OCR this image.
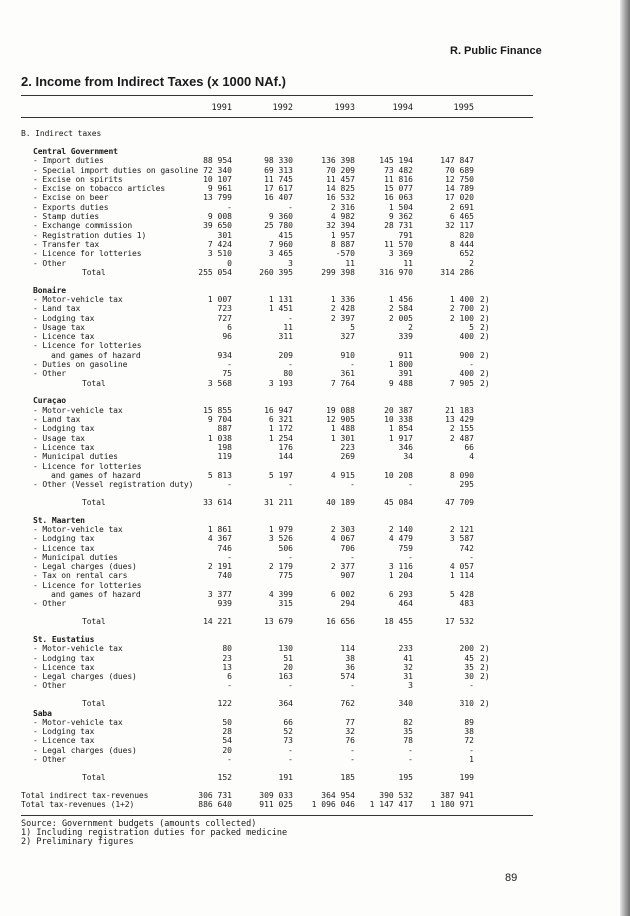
R. Public Finance
2. Income from Indirect Taxes (x 1000 NAf.)
1991	1992	1993	1994	1995
B. Indirect taxes
Central Government
- Import duties	88 954	98 330	136 398	145 194	147 847
- Special import duties on gasoline 72 340	69 313	70 209	73 482	70 689
- Excise on spirits	10 107	11 745	11 457	11 816	12 750
- Excise on tobacco articles	9 961	17 617	14 825	15 077	14 789
- Excise on beer	13 799	16 407	16 532	16 063	17 020
- Exports duties	-	-	2 316	1 504	2 691
- Stamp duties	9 008	9 360	4 982	9 362	6 465
- Exchange commission	39 650	25 780	32 394	28 731	32 117
- Registration duties 1)	301	415	1 957	791	820
- Transfer tax	7 424	7 960	8 887	11 570	8 444
- Licence for lotteries	3 510	3 465	-570	3 369	652
- Other	0	3	11	11	2
Total	255 054	260 395	299 398	316 970	314 286
Bonaire
- Motor-vehicle tax	1 007	1 131	1 336	1 456	1 400 2)
- Land tax	723	1 451	2 428	2 584	2 700 2)
- Lodging tax	727	-	2 397	2 005	2 100 2)
- Usage tax	6	11	5	2	5 2)
- Licence tax	96	311	327	339	400 2)
- Licence for lotteries
and games of hazard	934	209	910	911	900 2)
- Duties on gasoline	-	-	-	1 800	-
- Other	75	80	361	391	400 2)
Total	3 568	3 193	7 764	9 488	7 905 2)
Curaçao
- Motor-vehicle tax	15 855	16 947	19 088	20 387	21 183
- Land tax	9 704	6 321	12 905	10 338	13 429
- Lodging tax	887	1 172	1 488	1 854	2 155
- Usage tax	1 038	1 254	1 301	1 917	2 487
- Licence tax	198	176	223	346	66
- Municipal duties	119	144	269	34	4
- Licence for lotteries
and games of hazard	5 813	5 197	4 915	10 208	8 090
- Other (Vessel registration duty)	-	-	-	-	295
Total	33 614	31 211	40 189	45 084	47 709
St. Maarten
- Motor-vehicle tax	1 861	1 979	2 303	2 140	2 121
- Lodging tax	4 367	3 526	4 067	4 479	3 587
- Licence tax	746	506	706	759	742
- Municipal duties	-	-	-	-	-
- Legal charges (dues)	2 191	2 179	2 377	3 116	4 057
- Tax on rental cars	740	775	907	1 204	1 114
- Licence for lotteries
and games of hazard	3 377	4 399	6 002	6 293	5 428
- Other	939	315	294	464	483
Total	14 221	13 679	16 656	18 455	17 532
St. Eustatius
- Motor-vehicle tax	80	130	114	233	200 2)
- Lodging tax	23	51	38	41	45 2)
- Licence tax	13	20	36	32	35 2)
- Legal charges (dues)	6	163	574	31	30 2)
- Other	-	-	-	3	-
Total	122	364	762	340	310 2)
Saba
- Motor-vehicle tax	50	66	77	82	89
- Lodging tax	28	52	32	35	38
- Licence tax	54	73	76	78	72
- Legal charges (dues)	20	-	-	-	-
- Other	-	-	-	-	1
Total	152	191	185	195	199
Total indirect tax-revenues	306 731	309 033	364 954	390 532	387 941
Total tax-revenues (1+2)	886 640	911 025	1 096 046	1 147 417	1 180 971
Source: Government budgets (amounts collected)
1) Including registration duties for packed medicine
2) Preliminary figures
89
